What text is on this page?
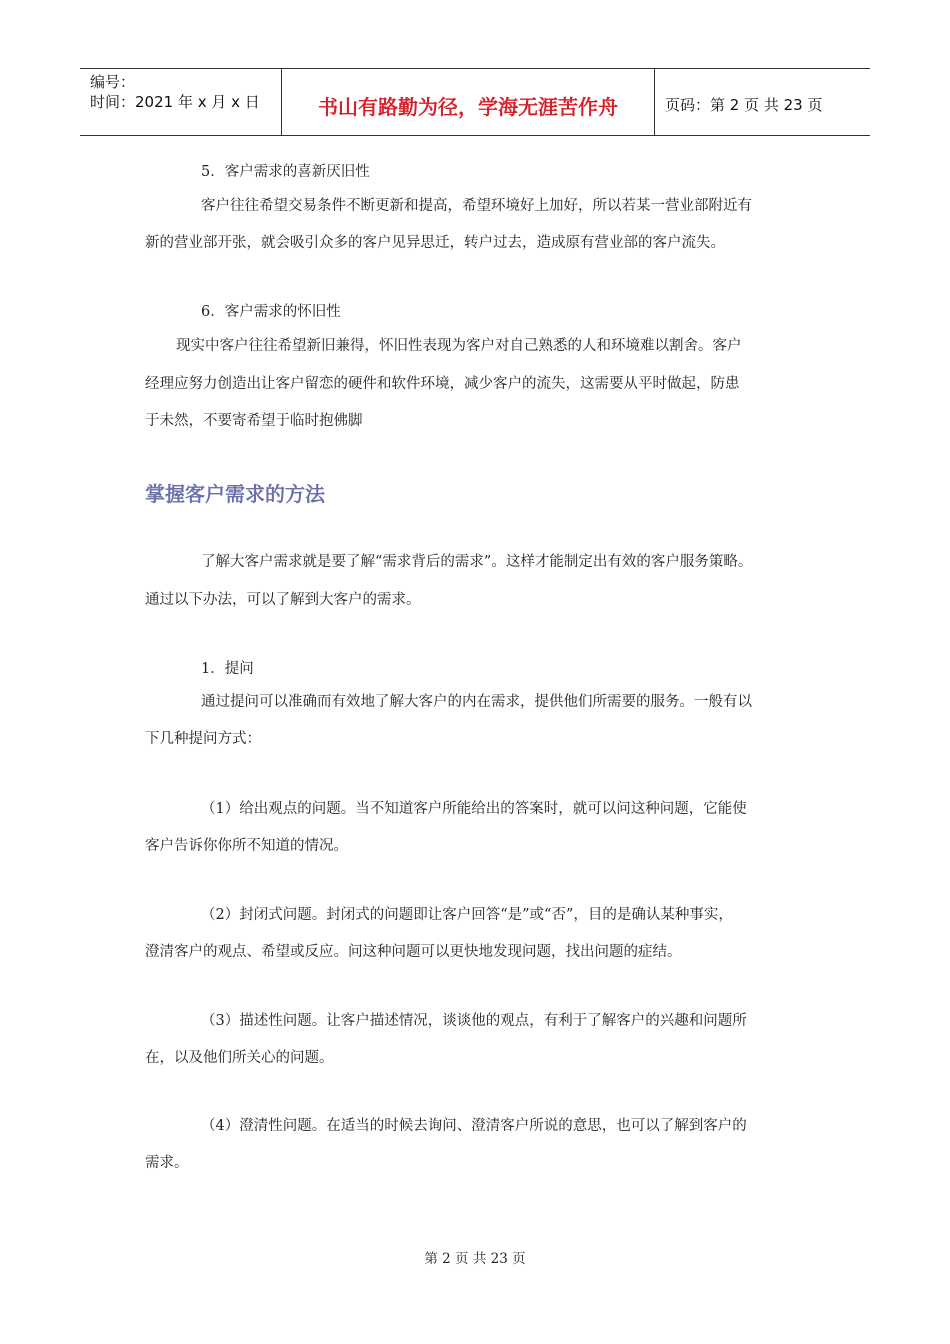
编号：
时间：2021 年 x 月 x 日	书山有路勤为径，学海无涯苦作舟	页码：第 2 页 共 23 页
5．客户需求的喜新厌旧性
客户往往希望交易条件不断更新和提高，希望环境好上加好，所以若某一营业部附近有
新的营业部开张，就会吸引众多的客户见异思迁，转户过去，造成原有营业部的客户流失。
6．客户需求的怀旧性
现实中客户往往希望新旧兼得，怀旧性表现为客户对自己熟悉的人和环境难以割舍。客户
经理应努力创造出让客户留恋的硬件和软件环境，减少客户的流失，这需要从平时做起，防患
于未然，不要寄希望于临时抱佛脚
掌握客户需求的方法
了解大客户需求就是要了解“需求背后的需求”。这样才能制定出有效的客户服务策略。
通过以下办法，可以了解到大客户的需求。
1．提问
通过提问可以准确而有效地了解大客户的内在需求，提供他们所需要的服务。一般有以
下几种提问方式：
（1）给出观点的问题。当不知道客户所能给出的答案时，就可以问这种问题，它能使
客户告诉你你所不知道的情况。
（2）封闭式问题。封闭式的问题即让客户回答“是”或“否”，目的是确认某种事实，
澄清客户的观点、希望或反应。问这种问题可以更快地发现问题，找出问题的症结。
（3）描述性问题。让客户描述情况，谈谈他的观点，有利于了解客户的兴趣和问题所
在，以及他们所关心的问题。
（4）澄清性问题。在适当的时候去询问、澄清客户所说的意思，也可以了解到客户的
需求。
第 2 页 共 23 页
